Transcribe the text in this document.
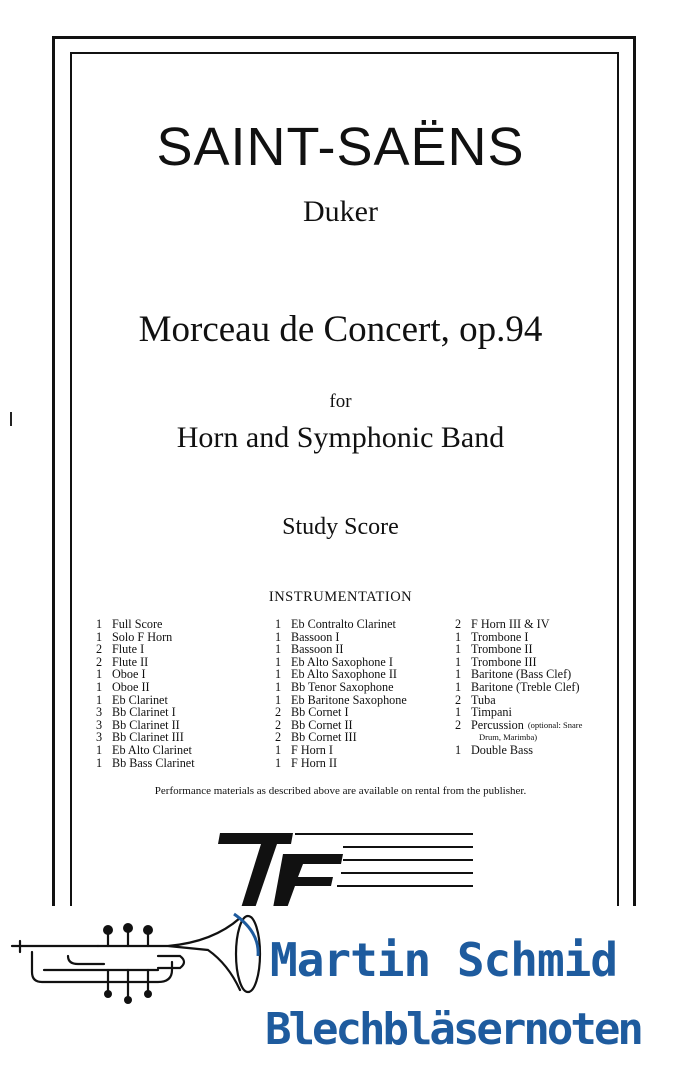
SAINT-SAËNS
Duker
Morceau de Concert, op.94
for
Horn and Symphonic Band
Study Score
INSTRUMENTATION
1 Full Score
1 Solo F Horn
2 Flute I
2 Flute II
1 Oboe I
1 Oboe II
1 Eb Clarinet
3 Bb Clarinet I
3 Bb Clarinet II
3 Bb Clarinet III
1 Eb Alto Clarinet
1 Bb Bass Clarinet
1 Eb Contralto Clarinet
1 Bassoon I
1 Bassoon II
1 Eb Alto Saxophone I
1 Eb Alto Saxophone II
1 Bb Tenor Saxophone
1 Eb Baritone Saxophone
2 Bb Cornet I
2 Bb Cornet II
2 Bb Cornet III
1 F Horn I
1 F Horn II
2 F Horn III & IV
1 Trombone I
1 Trombone II
1 Trombone III
1 Baritone (Bass Clef)
1 Baritone (Treble Clef)
2 Tuba
1 Timpani
2 Percussion (optional: Snare
Drum, Marimba)
1 Double Bass
Performance materials as described above are available on rental from the publisher.
Martin Schmid
Blechbläsernoten
